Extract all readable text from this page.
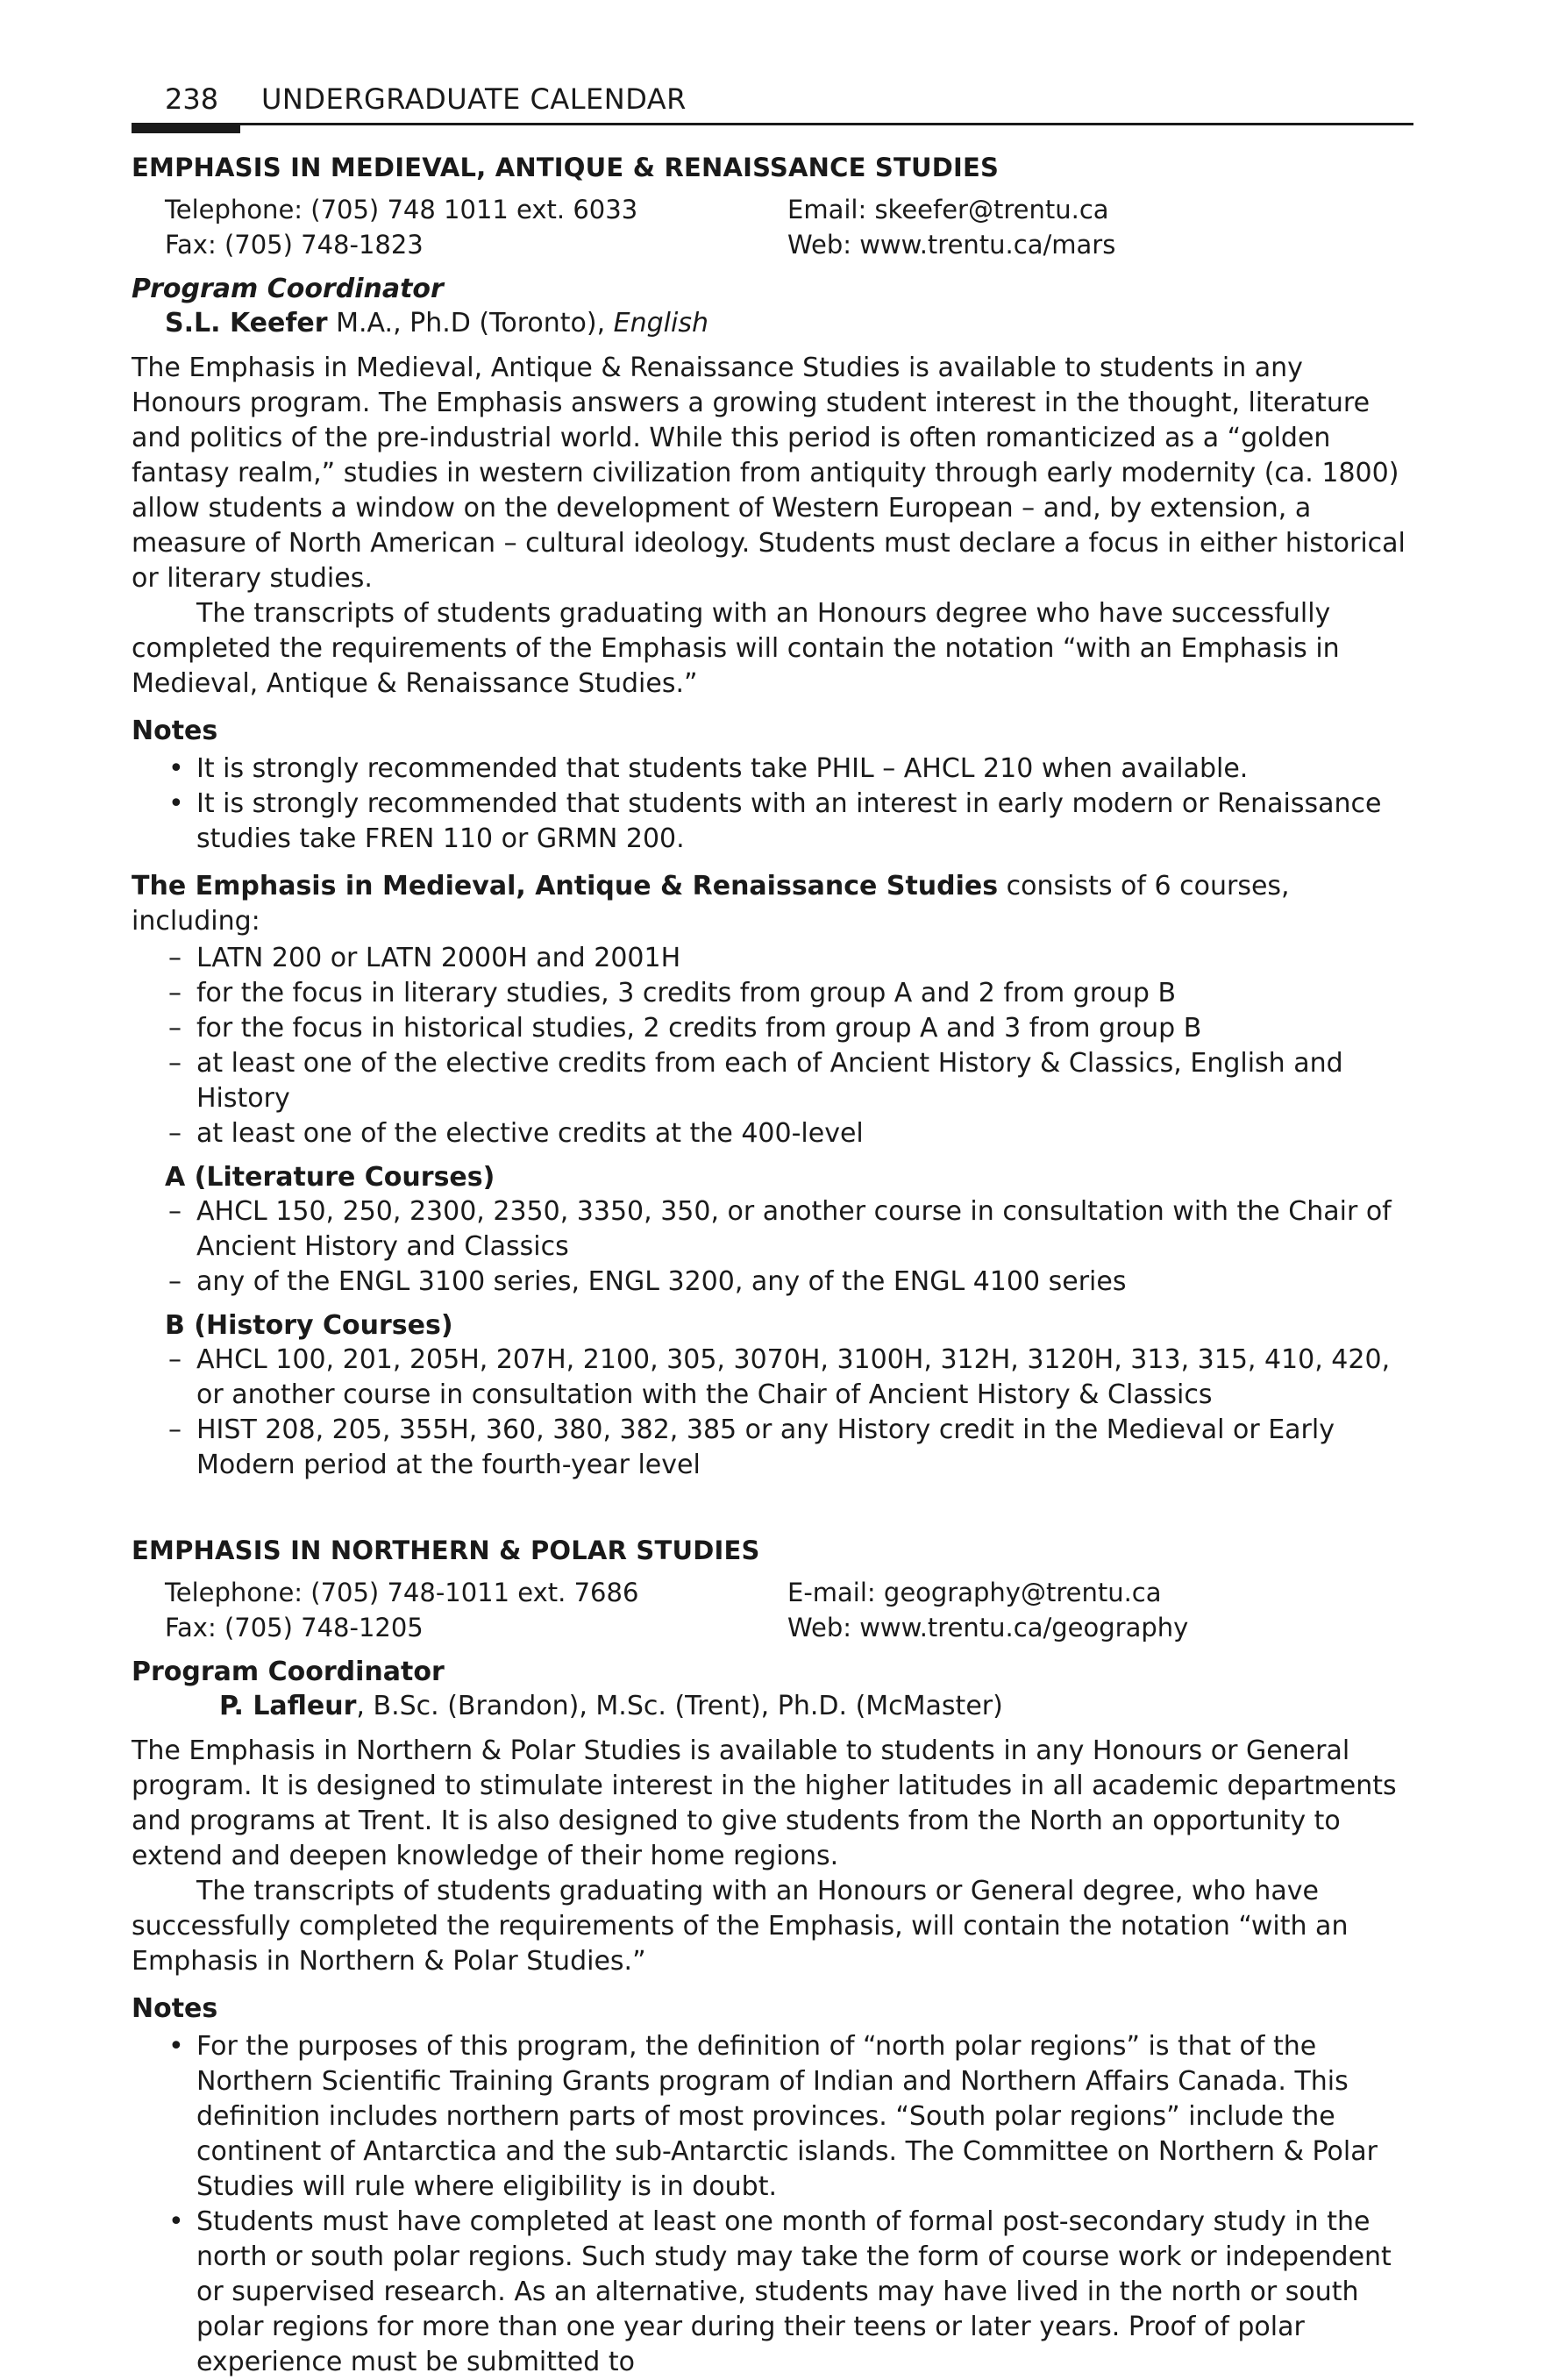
238 UNDERGRADUATE CALENDAR
EMPHASIS IN MEDIEVAL, ANTIQUE & RENAISSANCE STUDIES
Telephone: (705) 748 1011 ext. 6033	Email: skeefer@trentu.ca
Fax: (705) 748-1823	Web: www.trentu.ca/mars
Program Coordinator
S.L. Keefer M.A., Ph.D (Toronto), English

The Emphasis in Medieval, Antique & Renaissance Studies is available to students in any Honours program. The Emphasis answers a growing student interest in the thought, literature and politics of the pre-industrial world. While this period is often romanticized as a “golden fantasy realm,” studies in western civilization from antiquity through early modernity (ca. 1800) allow students a window on the development of Western European – and, by extension, a measure of North American – cultural ideology. Students must declare a focus in either historical or literary studies.

The transcripts of students graduating with an Honours degree who have successfully completed the requirements of the Emphasis will contain the notation “with an Emphasis in Medieval, Antique & Renaissance Studies.”

Notes
• It is strongly recommended that students take PHIL – AHCL 210 when available.
• It is strongly recommended that students with an interest in early modern or Renaissance studies take FREN 110 or GRMN 200.

The Emphasis in Medieval, Antique & Renaissance Studies consists of 6 courses, including:

– LATN 200 or LATN 2000H and 2001H
– for the focus in literary studies, 3 credits from group A and 2 from group B
– for the focus in historical studies, 2 credits from group A and 3 from group B
– at least one of the elective credits from each of Ancient History & Classics, English and History
– at least one of the elective credits at the 400-level
A (Literature Courses)
– AHCL 150, 250, 2300, 2350, 3350, 350, or another course in consultation with the Chair of Ancient History and Classics
– any of the ENGL 3100 series, ENGL 3200, any of the ENGL 4100 series
B (History Courses)
– AHCL 100, 201, 205H, 207H, 2100, 305, 3070H, 3100H, 312H, 3120H, 313, 315, 410, 420, or another course in consultation with the Chair of Ancient History & Classics
– HIST 208, 205, 355H, 360, 380, 382, 385 or any History credit in the Medieval or Early Modern period at the fourth-year level
EMPHASIS IN NORTHERN & POLAR STUDIES
Telephone: (705) 748-1011 ext. 7686	E-mail: geography@trentu.ca
Fax: (705) 748-1205	Web: www.trentu.ca/geography
Program Coordinator
P. Lafleur, B.Sc. (Brandon), M.Sc. (Trent), Ph.D. (McMaster)

The Emphasis in Northern & Polar Studies is available to students in any Honours or General program. It is designed to stimulate interest in the higher latitudes in all academic departments and programs at Trent. It is also designed to give students from the North an opportunity to extend and deepen knowledge of their home regions.

The transcripts of students graduating with an Honours or General degree, who have successfully completed the requirements of the Emphasis, will contain the notation “with an Emphasis in Northern & Polar Studies.”

Notes
• For the purposes of this program, the definition of “north polar regions” is that of the Northern Scientific Training Grants program of Indian and Northern Affairs Canada. This definition includes northern parts of most provinces. “South polar regions” include the continent of Antarctica and the sub-Antarctic islands. The Committee on Northern & Polar Studies will rule where eligibility is in doubt.
• Students must have completed at least one month of formal post-secondary study in the north or south polar regions. Such study may take the form of course work or independent or supervised research. As an alternative, students may have lived in the north or south polar regions for more than one year during their teens or later years. Proof of polar experience must be submitted to
